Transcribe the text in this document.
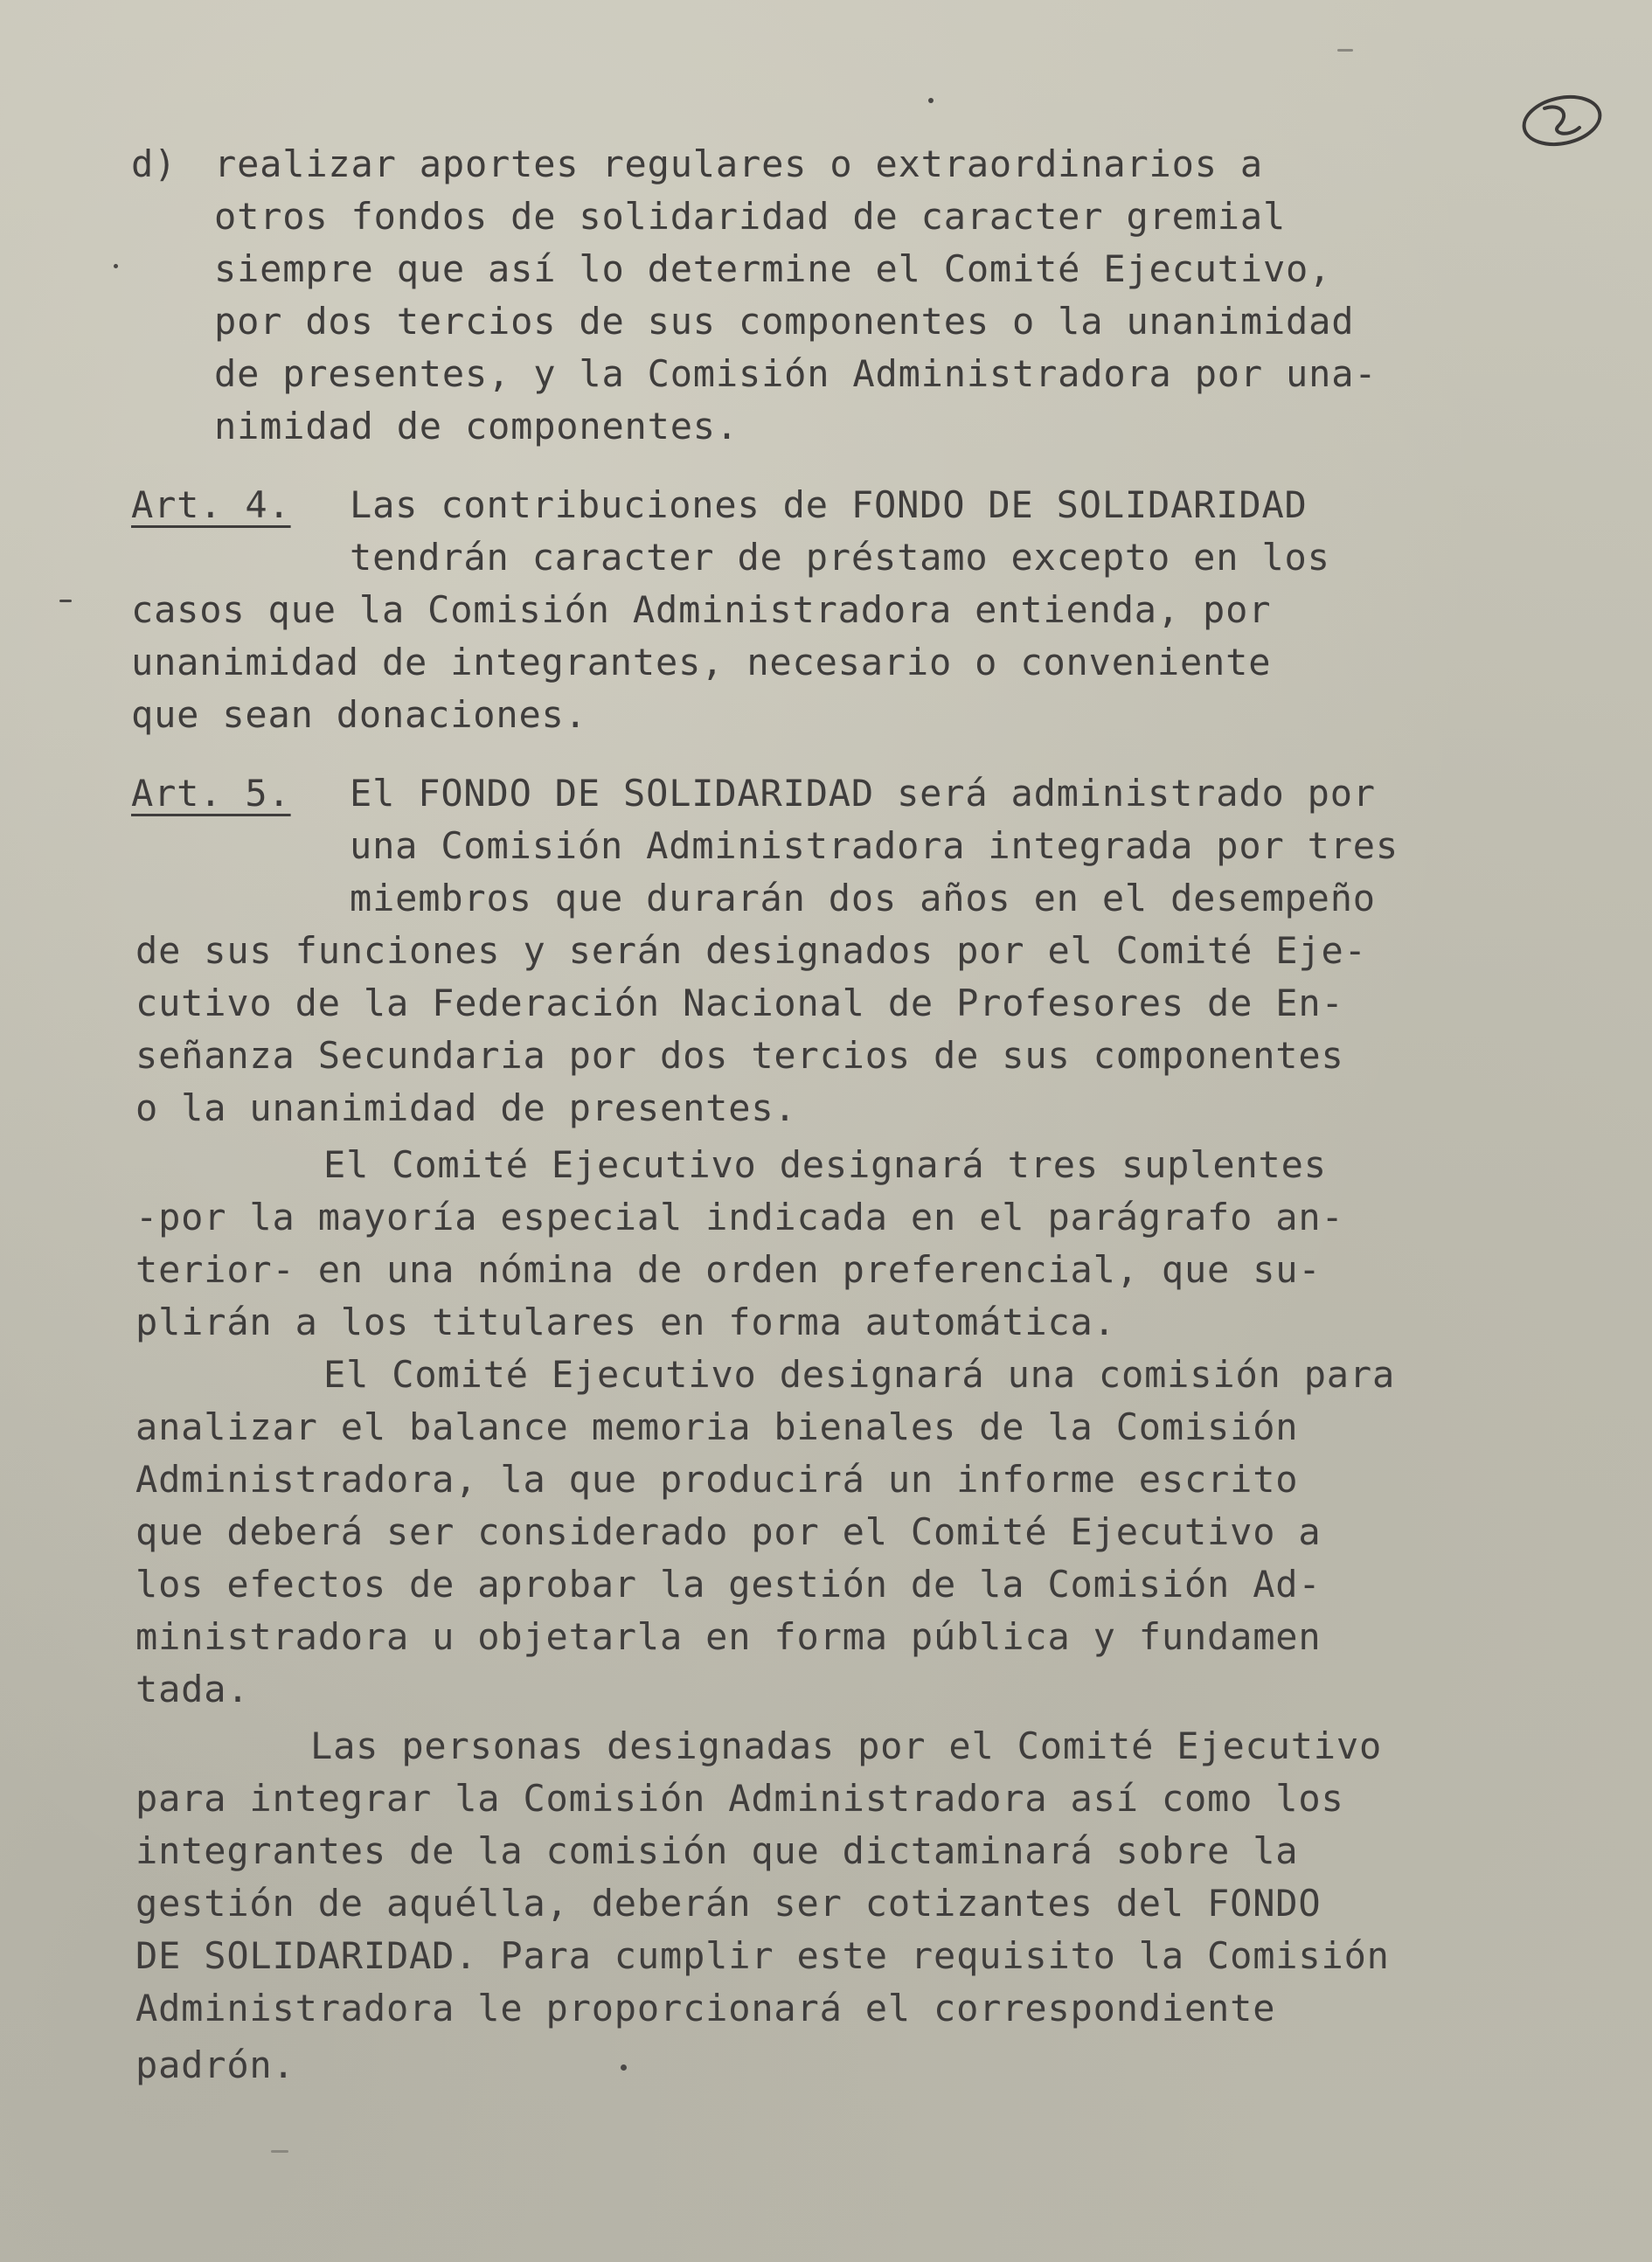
d) realizar aportes regulares o extraordinarios a
otros fondos de solidaridad de caracter gremial
siempre que así lo determine el Comité Ejecutivo,
por dos tercios de sus componentes o la unanimidad
de presentes, y la Comisión Administradora por una-
nimidad de componentes.
Art. 4. Las contribuciones de FONDO DE SOLIDARIDAD
tendrán caracter de préstamo excepto en los
casos que la Comisión Administradora entienda, por
unanimidad de integrantes, necesario o conveniente
que sean donaciones.
Art. 5. El FONDO DE SOLIDARIDAD será administrado por
una Comisión Administradora integrada por tres
miembros que durarán dos años en el desempeño
de sus funciones y serán designados por el Comité Eje-
cutivo de la Federación Nacional de Profesores de En-
señanza Secundaria por dos tercios de sus componentes
o la unanimidad de presentes.
El Comité Ejecutivo designará tres suplentes
-por la mayoría especial indicada en el parágrafo an-
terior- en una nómina de orden preferencial, que su-
plirán a los titulares en forma automática.
El Comité Ejecutivo designará una comisión para
analizar el balance memoria bienales de la Comisión
Administradora, la que producirá un informe escrito
que deberá ser considerado por el Comité Ejecutivo a
los efectos de aprobar la gestión de la Comisión Ad-
ministradora u objetarla en forma pública y fundamen
tada.
Las personas designadas por el Comité Ejecutivo
para integrar la Comisión Administradora así como los
integrantes de la comisión que dictaminará sobre la
gestión de aquélla, deberán ser cotizantes del FONDO
DE SOLIDARIDAD. Para cumplir este requisito la Comisión
Administradora le proporcionará el correspondiente
padrón.
